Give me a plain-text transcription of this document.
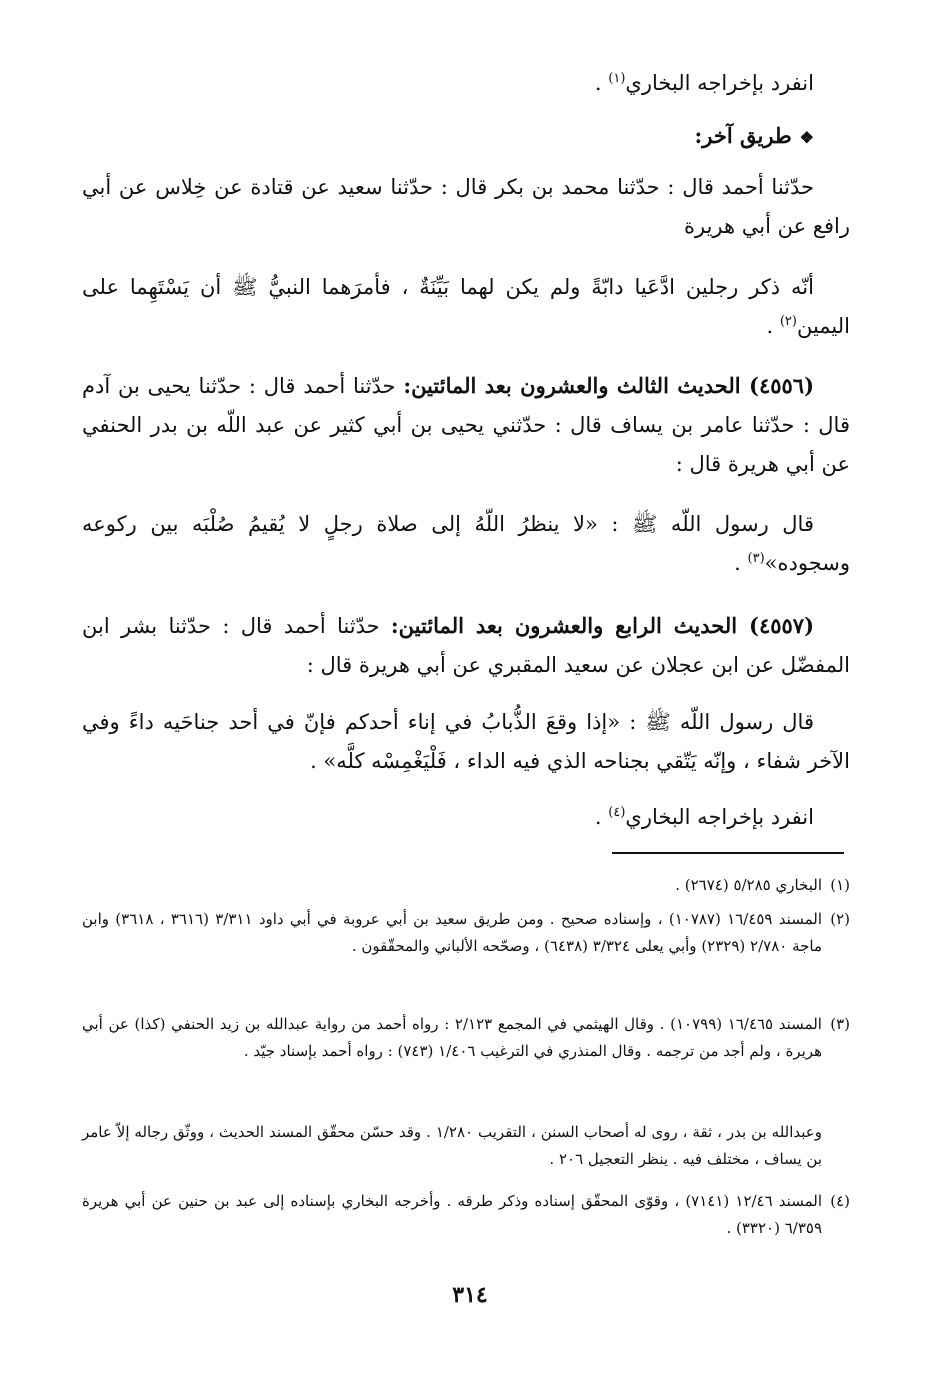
انفرد بإخراجه البخاري$^{(١)}$ .
❖طريق آخر:
حدّثنا أحمد قال : حدّثنا محمد بن بكر قال : حدّثنا سعيد عن قتادة عن خِلاس عن أبي رافع عن أبي هريرة
أنّه ذكر رجلين ادَّعَيا دابّةً ولم يكن لهما بَيِّنَةٌ ، فأمرَهما النبيُّ ﷺ أن يَسْتَهِما على اليمين$^{(٢)}$ .
(٤٥٥٦) الحديث الثالث والعشرون بعد المائتين: حدّثنا أحمد قال : حدّثنا يحيى بن آدم قال : حدّثنا عامر بن يساف قال : حدّثني يحيى بن أبي كثير عن عبد اللّه بن بدر الحنفي عن أبي هريرة قال :
قال رسول اللّه ﷺ : «لا ينظرُ اللّهُ إلى صلاة رجلٍ لا يُقيمُ صُلْبَه بين ركوعه وسجوده»$^{(٣)}$ .
(٤٥٥٧) الحديث الرابع والعشرون بعد المائتين: حدّثنا أحمد قال : حدّثنا بشر ابن المفضّل عن ابن عجلان عن سعيد المقبري عن أبي هريرة قال :
قال رسول اللّه ﷺ : «إذا وقعَ الذُّبابُ في إناء أحدكم فإنّ في أحد جناحَيه داءً وفي الآخر شفاء ، وإنّه يَتّقي بجناحه الذي فيه الداء ، فَلْيَغْمِسْه كلَّه» .
انفرد بإخراجه البخاري$^{(٤)}$ .
(١)
البخاري ٥/٢٨٥ (٢٦٧٤) .
(٢)
المسند ١٦/٤٥٩ (١٠٧٨٧) ، وإسناده صحيح . ومن طريق سعيد بن أبي عروبة في أبي داود ٣/٣١١ (٣٦١٦ ، ٣٦١٨) وابن ماجة ٢/٧٨٠ (٢٣٢٩) وأبي يعلى ٣/٣٢٤ (٦٤٣٨) ، وصحّحه الألباني والمحقّقون .
(٣)
المسند ١٦/٤٦٥ (١٠٧٩٩) . وقال الهيثمي في المجمع ٢/١٢٣ : رواه أحمد من رواية عبدالله بن زيد الحنفي (كذا) عن أبي هريرة ، ولم أجد من ترجمه . وقال المنذري في الترغيب ١/٤٠٦ (٧٤٣) : رواه أحمد بإسناد جيّد .
وعبدالله بن بدر ، ثقة ، روى له أصحاب السنن ، التقريب ١/٢٨٠ . وقد حسّن محقّق المسند الحديث ، ووثّق رجاله إلاّ عامر بن يساف ، مختلف فيه . ينظر التعجيل ٢٠٦ .
(٤)
المسند ١٢/٤٦ (٧١٤١) ، وقوّى المحقّق إسناده وذكر طرقه . وأخرجه البخاري بإسناده إلى عبد بن حنين عن أبي هريرة ٦/٣٥٩ (٣٣٢٠) .
٣١٤
